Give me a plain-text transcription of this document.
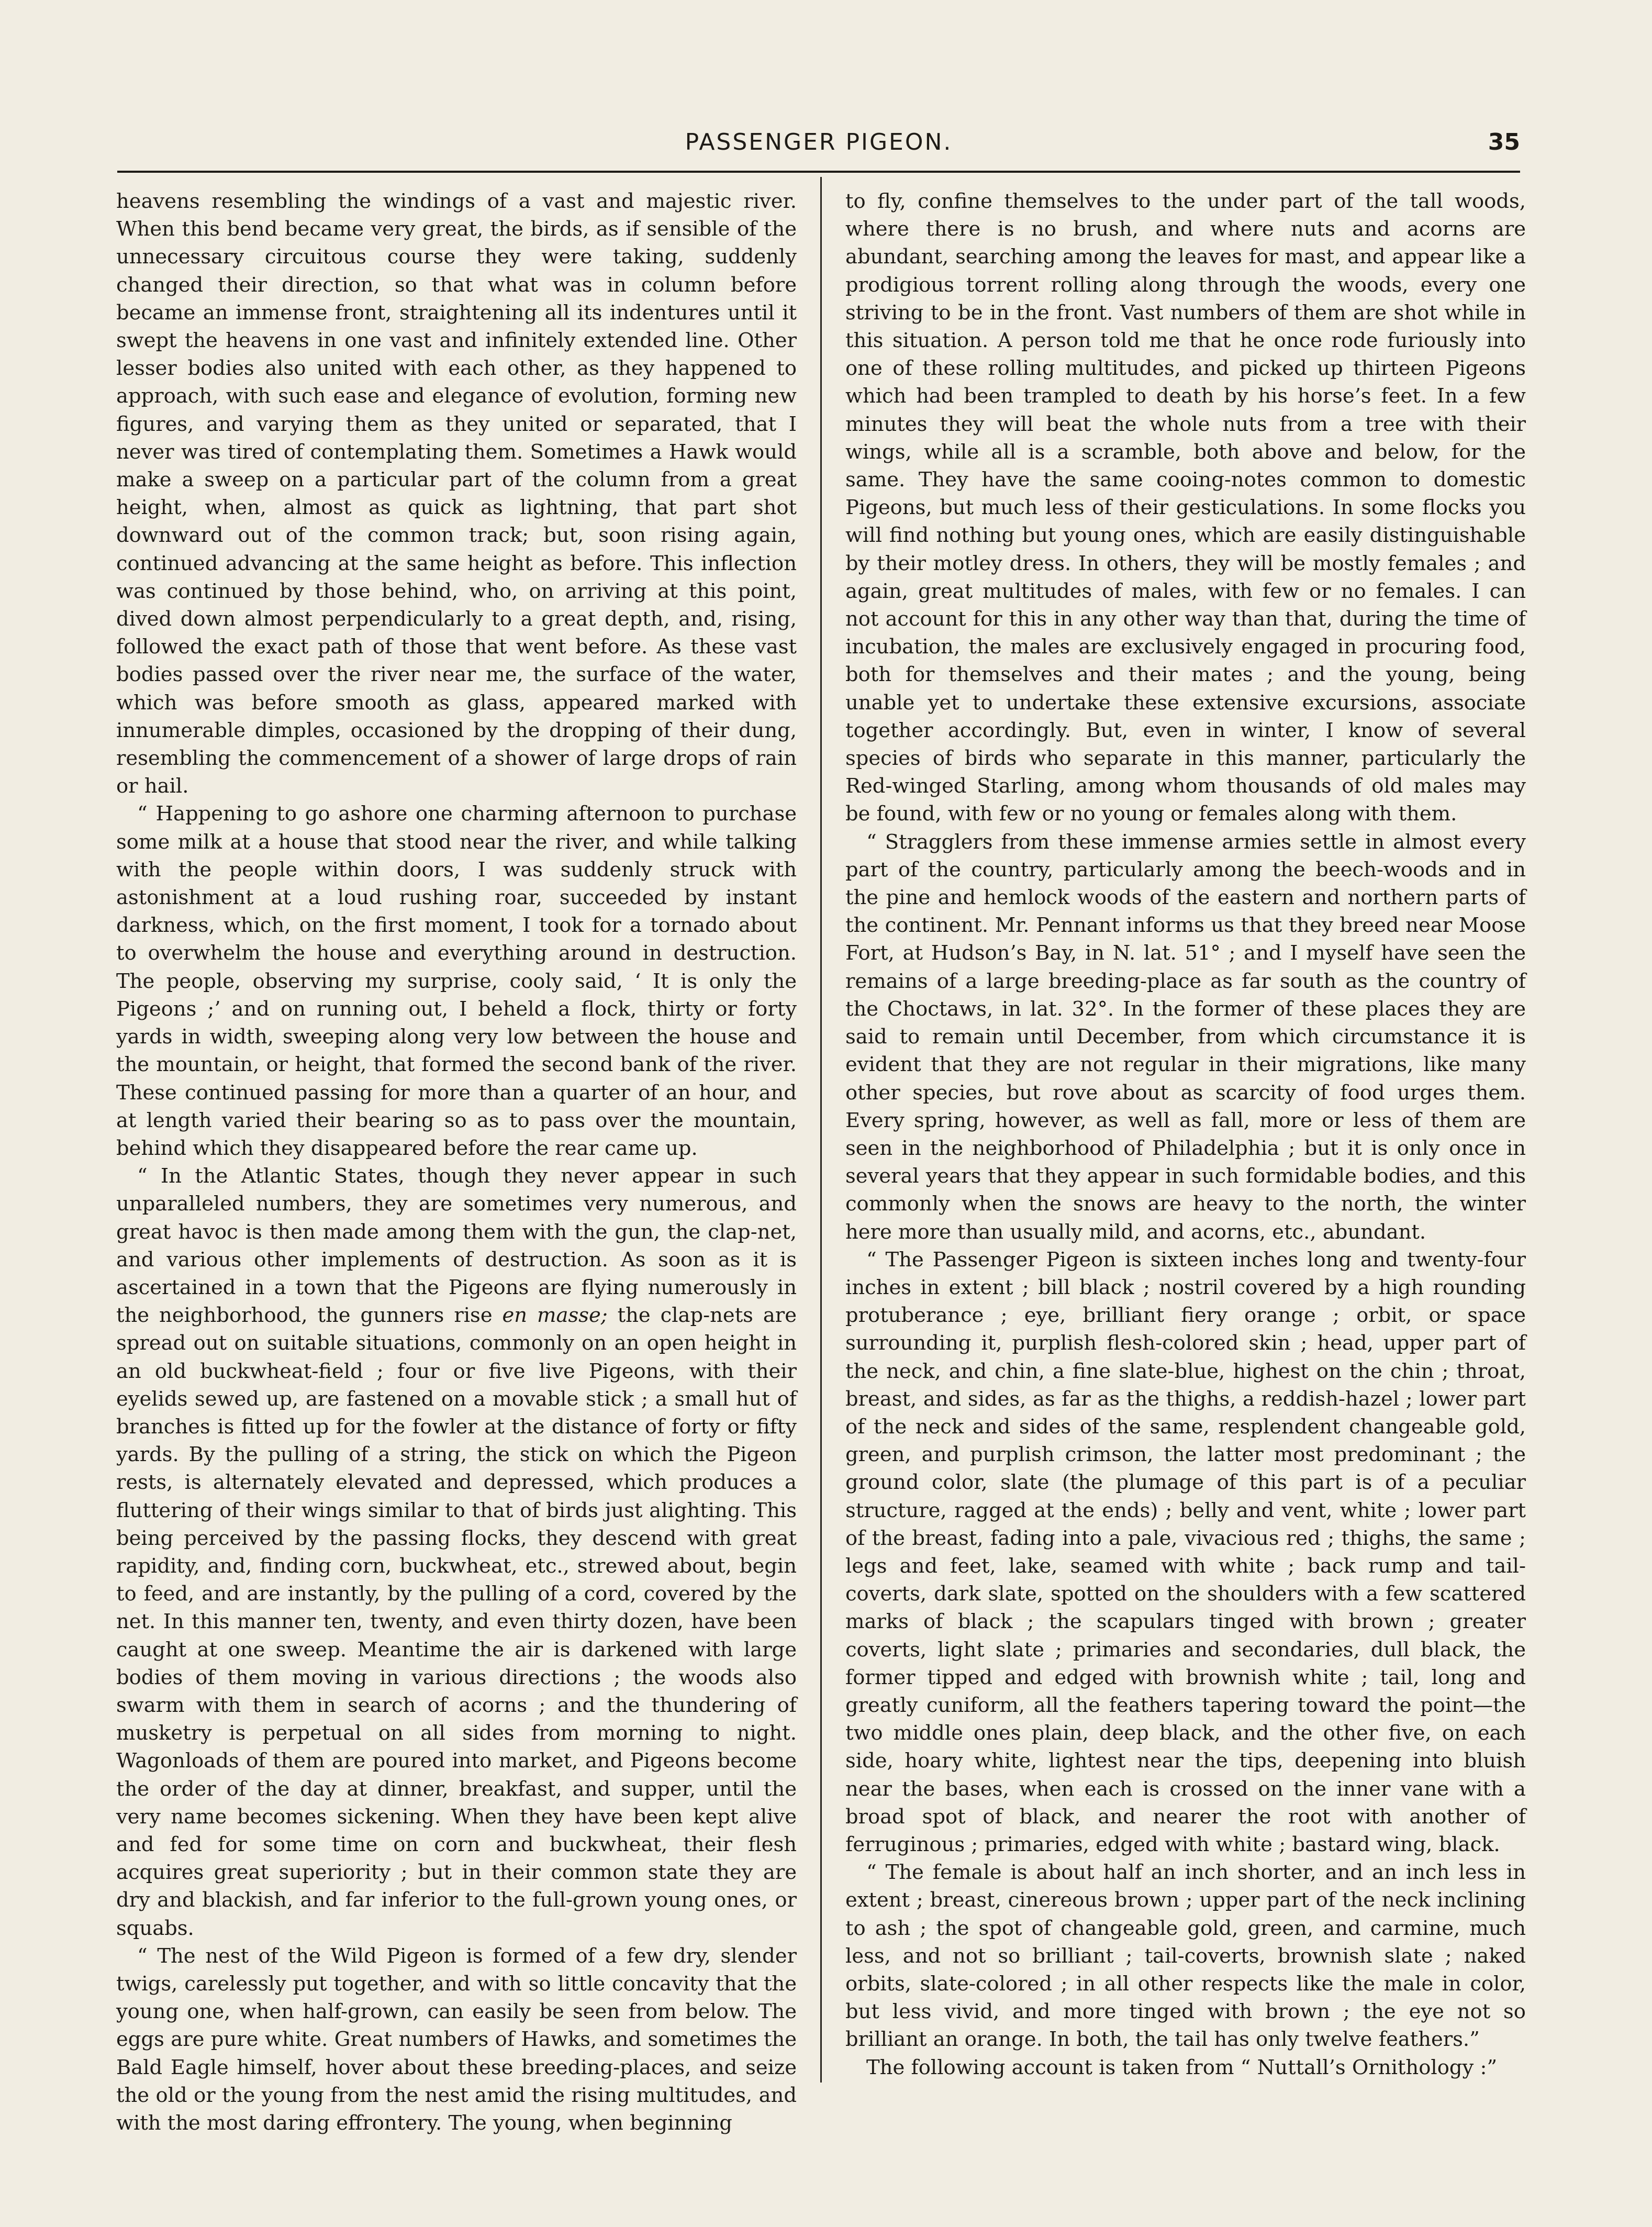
PASSENGER PIGEON.	35

heavens resembling the windings of a vast and majestic river. When this bend became very great, the birds, as if sensible of the unnecessary circuitous course they were taking, suddenly changed their direction, so that what was in column before became an immense front, straightening all its indentures until it swept the heavens in one vast and infinitely extended line. Other lesser bodies also united with each other, as they happened to approach, with such ease and elegance of evolution, forming new figures, and varying them as they united or separated, that I never was tired of contemplating them. Sometimes a Hawk would make a sweep on a particular part of the column from a great height, when, almost as quick as lightning, that part shot downward out of the common track; but, soon rising again, continued advancing at the same height as before. This inflection was continued by those behind, who, on arriving at this point, dived down almost perpendicularly to a great depth, and, rising, followed the exact path of those that went before. As these vast bodies passed over the river near me, the surface of the water, which was before smooth as glass, appeared marked with innumerable dimples, occasioned by the dropping of their dung, resembling the commencement of a shower of large drops of rain or hail.

“ Happening to go ashore one charming afternoon to purchase some milk at a house that stood near the river, and while talking with the people within doors, I was suddenly struck with astonishment at a loud rushing roar, succeeded by instant darkness, which, on the first moment, I took for a tornado about to overwhelm the house and everything around in destruction. The people, observing my surprise, cooly said, ‘ It is only the Pigeons ;’ and on running out, I beheld a flock, thirty or forty yards in width, sweeping along very low between the house and the mountain, or height, that formed the second bank of the river. These continued passing for more than a quarter of an hour, and at length varied their bearing so as to pass over the mountain, behind which they disappeared before the rear came up.

“ In the Atlantic States, though they never appear in such unparalleled numbers, they are sometimes very numerous, and great havoc is then made among them with the gun, the clap-net, and various other implements of destruction. As soon as it is ascertained in a town that the Pigeons are flying numerously in the neighborhood, the gunners rise en masse; the clap-nets are spread out on suitable situations, commonly on an open height in an old buckwheat-field ; four or five live Pigeons, with their eyelids sewed up, are fastened on a movable stick ; a small hut of branches is fitted up for the fowler at the distance of forty or fifty yards. By the pulling of a string, the stick on which the Pigeon rests, is alternately elevated and depressed, which produces a fluttering of their wings similar to that of birds just alighting. This being perceived by the passing flocks, they descend with great rapidity, and, finding corn, buckwheat, etc., strewed about, begin to feed, and are instantly, by the pulling of a cord, covered by the net. In this manner ten, twenty, and even thirty dozen, have been caught at one sweep. Meantime the air is darkened with large bodies of them moving in various directions ; the woods also swarm with them in search of acorns ; and the thundering of musketry is perpetual on all sides from morning to night. Wagonloads of them are poured into market, and Pigeons become the order of the day at dinner, breakfast, and supper, until the very name becomes sickening. When they have been kept alive and fed for some time on corn and buckwheat, their flesh acquires great superiority ; but in their common state they are dry and blackish, and far inferior to the full-grown young ones, or squabs.

“ The nest of the Wild Pigeon is formed of a few dry, slender twigs, carelessly put together, and with so little concavity that the young one, when half-grown, can easily be seen from below. The eggs are pure white. Great numbers of Hawks, and sometimes the Bald Eagle himself, hover about these breeding-places, and seize the old or the young from the nest amid the rising multitudes, and with the most daring effrontery. The young, when beginning

to fly, confine themselves to the under part of the tall woods, where there is no brush, and where nuts and acorns are abundant, searching among the leaves for mast, and appear like a prodigious torrent rolling along through the woods, every one striving to be in the front. Vast numbers of them are shot while in this situation. A person told me that he once rode furiously into one of these rolling multitudes, and picked up thirteen Pigeons which had been trampled to death by his horse’s feet. In a few minutes they will beat the whole nuts from a tree with their wings, while all is a scramble, both above and below, for the same. They have the same cooing-notes common to domestic Pigeons, but much less of their gesticulations. In some flocks you will find nothing but young ones, which are easily distinguishable by their motley dress. In others, they will be mostly females ; and again, great multitudes of males, with few or no females. I can not account for this in any other way than that, during the time of incubation, the males are exclusively engaged in procuring food, both for themselves and their mates ; and the young, being unable yet to undertake these extensive excursions, associate together accordingly. But, even in winter, I know of several species of birds who separate in this manner, particularly the Red-winged Starling, among whom thousands of old males may be found, with few or no young or females along with them.

“ Stragglers from these immense armies settle in almost every part of the country, particularly among the beech-woods and in the pine and hemlock woods of the eastern and northern parts of the continent. Mr. Pennant informs us that they breed near Moose Fort, at Hudson’s Bay, in N. lat. 51° ; and I myself have seen the remains of a large breeding-place as far south as the country of the Choctaws, in lat. 32°. In the former of these places they are said to remain until December, from which circumstance it is evident that they are not regular in their migrations, like many other species, but rove about as scarcity of food urges them. Every spring, however, as well as fall, more or less of them are seen in the neighborhood of Philadelphia ; but it is only once in several years that they appear in such formidable bodies, and this commonly when the snows are heavy to the north, the winter here more than usually mild, and acorns, etc., abundant.

“ The Passenger Pigeon is sixteen inches long and twenty-four inches in extent ; bill black ; nostril covered by a high rounding protuberance ; eye, brilliant fiery orange ; orbit, or space surrounding it, purplish flesh-colored skin ; head, upper part of the neck, and chin, a fine slate-blue, highest on the chin ; throat, breast, and sides, as far as the thighs, a reddish-hazel ; lower part of the neck and sides of the same, resplendent changeable gold, green, and purplish crimson, the latter most predominant ; the ground color, slate (the plumage of this part is of a peculiar structure, ragged at the ends) ; belly and vent, white ; lower part of the breast, fading into a pale, vivacious red ; thighs, the same ; legs and feet, lake, seamed with white ; back rump and tail-coverts, dark slate, spotted on the shoulders with a few scattered marks of black ; the scapulars tinged with brown ; greater coverts, light slate ; primaries and secondaries, dull black, the former tipped and edged with brownish white ; tail, long and greatly cuniform, all the feathers tapering toward the point—the two middle ones plain, deep black, and the other five, on each side, hoary white, lightest near the tips, deepening into bluish near the bases, when each is crossed on the inner vane with a broad spot of black, and nearer the root with another of ferruginous ; primaries, edged with white ; bastard wing, black.

“ The female is about half an inch shorter, and an inch less in extent ; breast, cinereous brown ; upper part of the neck inclining to ash ; the spot of changeable gold, green, and carmine, much less, and not so brilliant ; tail-coverts, brownish slate ; naked orbits, slate-colored ; in all other respects like the male in color, but less vivid, and more tinged with brown ; the eye not so brilliant an orange. In both, the tail has only twelve feathers.”

The following account is taken from “ Nuttall’s Ornithology :”
